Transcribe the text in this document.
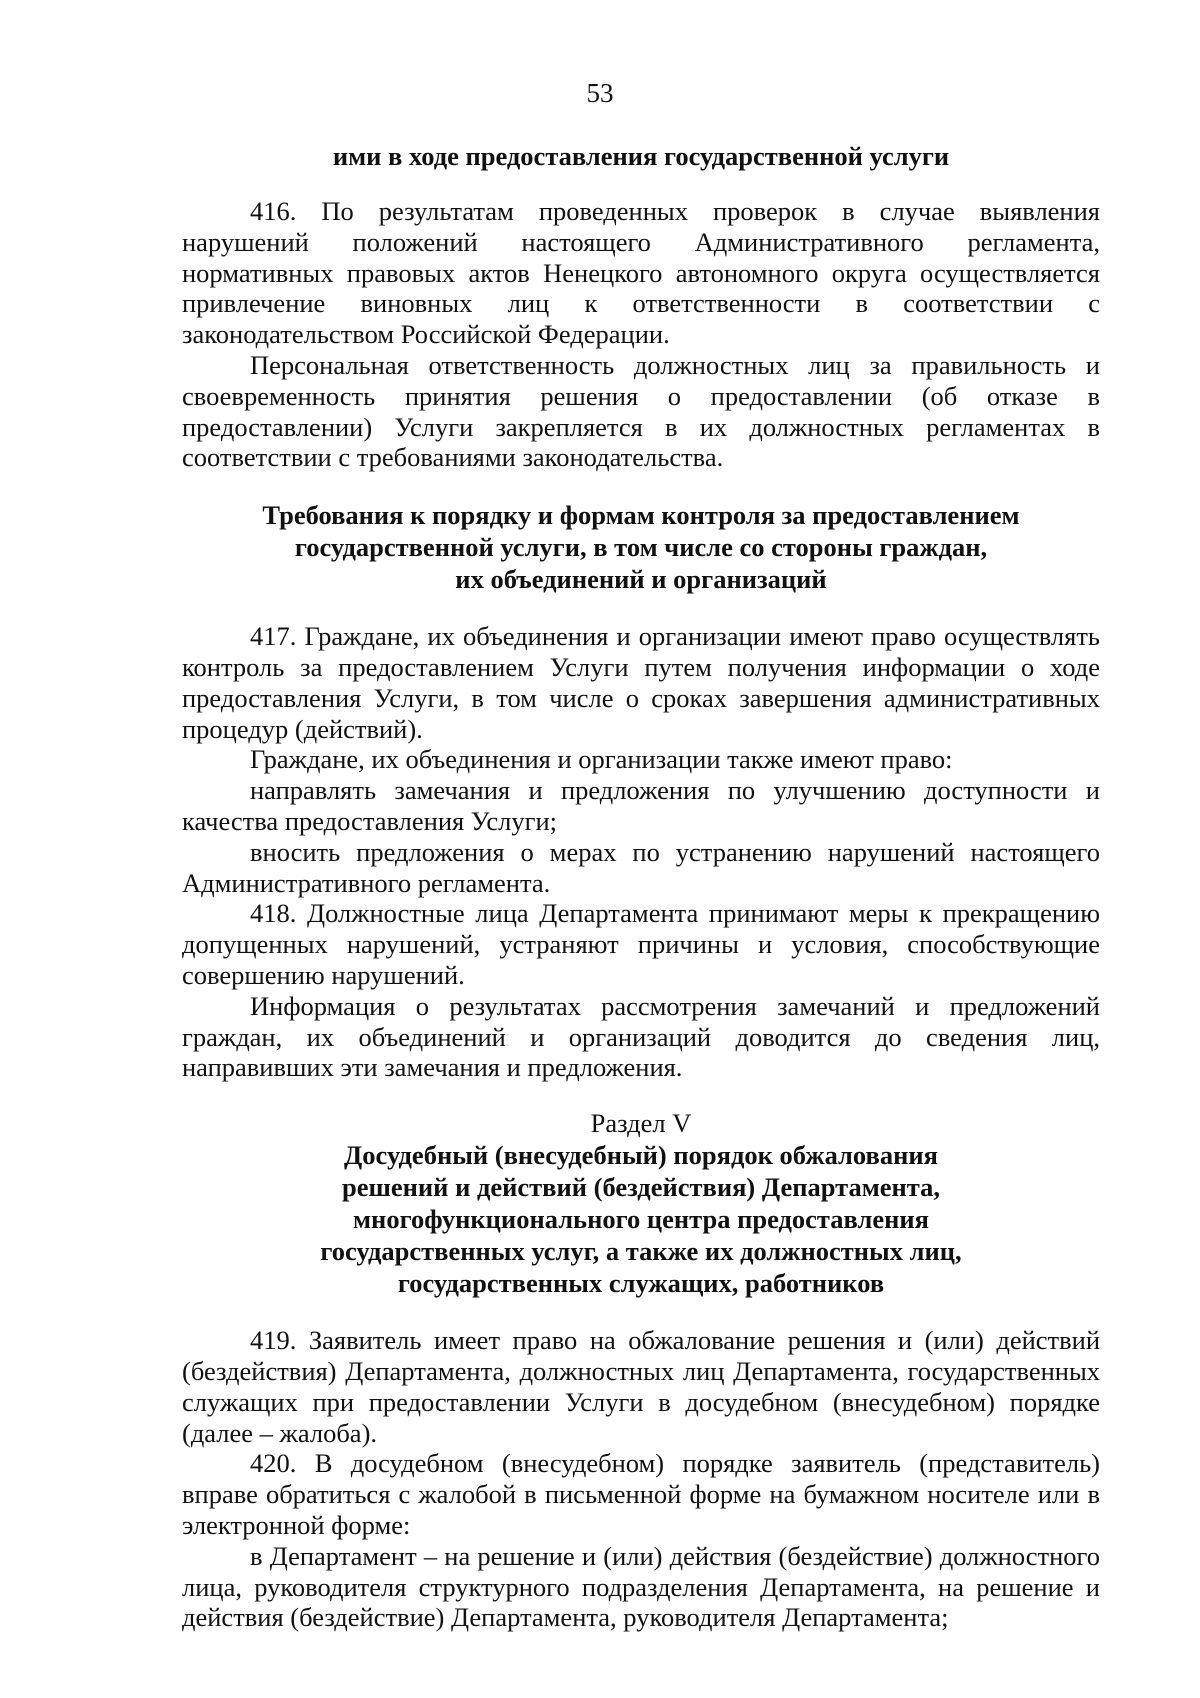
53

ими в ходе предоставления государственной услуги

416. По результатам проведенных проверок в случае выявления нарушений положений настоящего Административного регламента, нормативных правовых актов Ненецкого автономного округа осуществляется привлечение виновных лиц к ответственности в соответствии с законодательством Российской Федерации.

Персональная ответственность должностных лиц за правильность и своевременность принятия решения о предоставлении (об отказе в предоставлении) Услуги закрепляется в их должностных регламентах в соответствии с требованиями законодательства.

Требования к порядку и формам контроля за предоставлением

государственной услуги, в том числе со стороны граждан,

их объединений и организаций

417. Граждане, их объединения и организации имеют право осуществлять контроль за предоставлением Услуги путем получения информации о ходе предоставления Услуги, в том числе о сроках завершения административных процедур (действий).

Граждане, их объединения и организации также имеют право:

направлять замечания и предложения по улучшению доступности и качества предоставления Услуги;

вносить предложения о мерах по устранению нарушений настоящего Административного регламента.

418. Должностные лица Департамента принимают меры к прекращению допущенных нарушений, устраняют причины и условия, способствующие совершению нарушений.

Информация о результатах рассмотрения замечаний и предложений граждан, их объединений и организаций доводится до сведения лиц, направивших эти замечания и предложения.

Раздел V

Досудебный (внесудебный) порядок обжалования

решений и действий (бездействия) Департамента,

многофункционального центра предоставления

государственных услуг, а также их должностных лиц,

государственных служащих, работников

419. Заявитель имеет право на обжалование решения и (или) действий (бездействия) Департамента, должностных лиц Департамента, государственных служащих при предоставлении Услуги в досудебном (внесудебном) порядке (далее – жалоба).

420. В досудебном (внесудебном) порядке заявитель (представитель) вправе обратиться с жалобой в письменной форме на бумажном носителе или в электронной форме:

в Департамент – на решение и (или) действия (бездействие) должностного лица, руководителя структурного подразделения Департамента, на решение и действия (бездействие) Департамента, руководителя Департамента;
